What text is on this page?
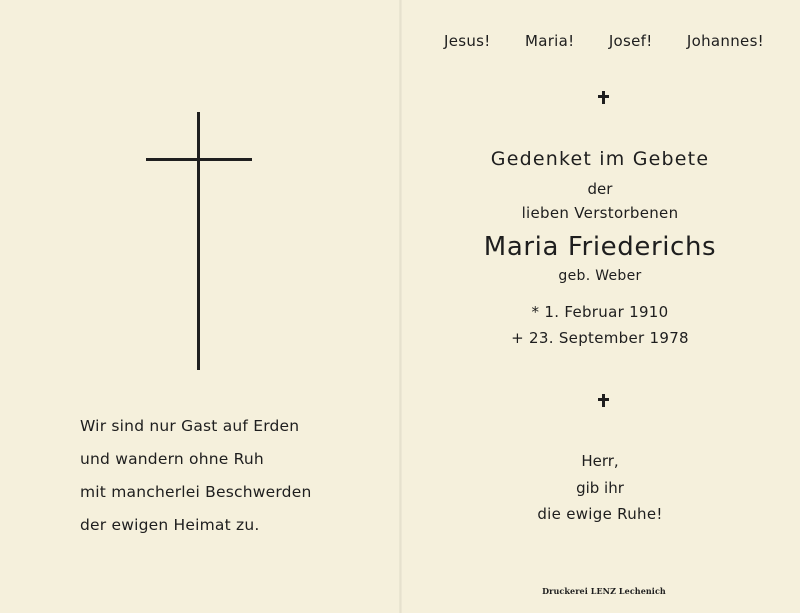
Wir sind nur Gast auf Erden
und wandern ohne Ruh
mit mancherlei Beschwerden
der ewigen Heimat zu.
Jesus! Maria! Josef! Johannes!
Gedenket im Gebete
der
lieben Verstorbenen
Maria Friederichs
geb. Weber
* 1. Februar 1910
+ 23. September 1978
Herr,
gib ihr
die ewige Ruhe!
Druckerei LENZ Lechenich
